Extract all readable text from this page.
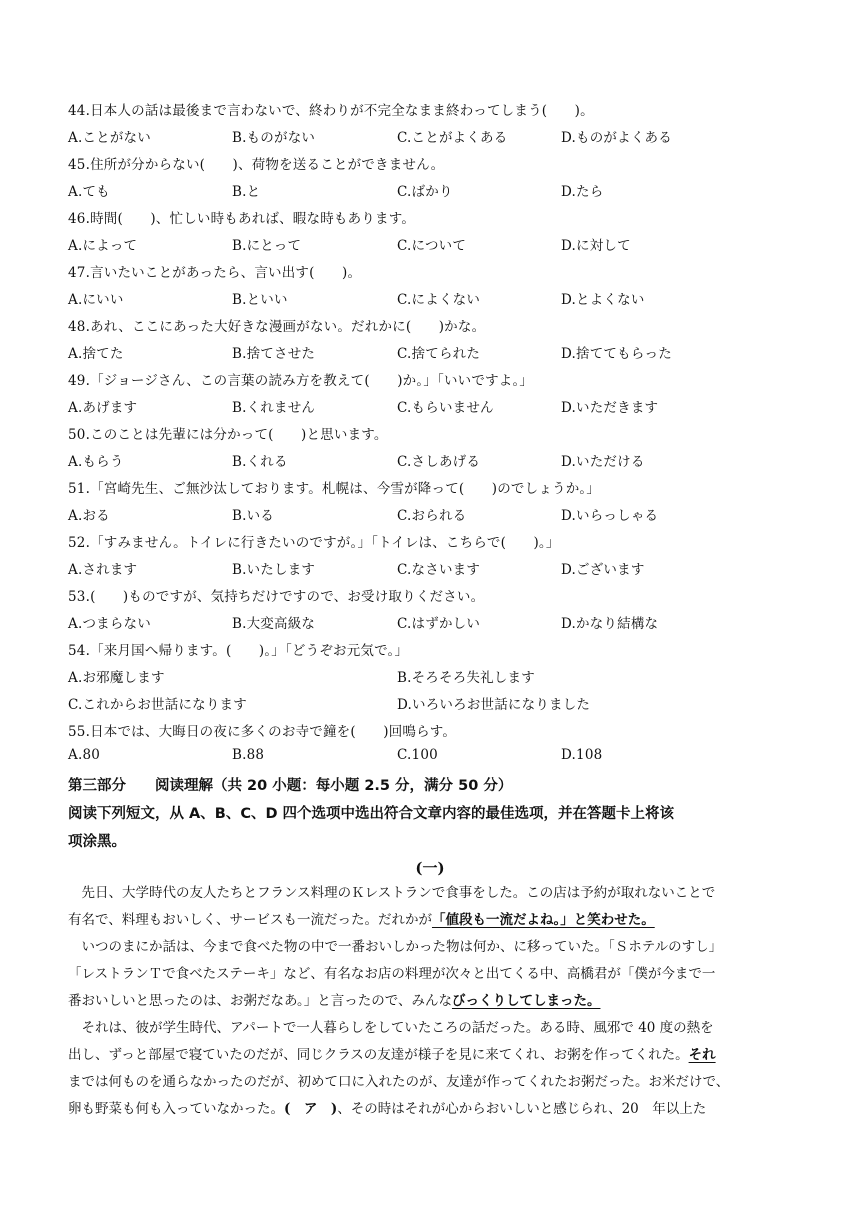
44.日本人の話は最後まで言わないで、終わりが不完全なまま終わってしまう(　　)。
A.ことがない	B.ものがない	C.ことがよくある	D.ものがよくある
45.住所が分からない(　　)、荷物を送ることができません。
A.ても	B.と	C.ばかり	D.たら
46.時間(　　)、忙しい時もあれば、暇な時もあります。
A.によって	B.にとって	C.について	D.に対して
47.言いたいことがあったら、言い出す(　　)。
A.にいい	B.といい	C.によくない	D.とよくない
48.あれ、ここにあった大好きな漫画がない。だれかに(　　)かな。
A.捨てた	B.捨てさせた	C.捨てられた	D.捨ててもらった
49.「ジョージさん、この言葉の読み方を教えて(　　)か。」「いいですよ。」
A.あげます	B.くれません	C.もらいません	D.いただきます
50.このことは先輩には分かって(　　)と思います。
A.もらう	B.くれる	C.さしあげる	D.いただける
51.「宮崎先生、ご無沙汰しております。札幌は、今雪が降って(　　)のでしょうか。」
A.おる	B.いる	C.おられる	D.いらっしゃる
52.「すみません。トイレに行きたいのですが。」「トイレは、こちらで(　　)。」
A.されます	B.いたします	C.なさいます	D.ございます
53.(　　)ものですが、気持ちだけですので、お受け取りください。
A.つまらない	B.大変高級な	C.はずかしい	D.かなり結構な
54.「来月国へ帰ります。(　　)。」「どうぞお元気で。」
A.お邪魔します	B.そろそろ失礼します
C.これからお世話になります	D.いろいろお世話になりました
55.日本では、大晦日の夜に多くのお寺で鐘を(　　)回鳴らす。
A.80	B.88	C.100	D.108
第三部分　　阅读理解（共 20 小题：每小题 2.5 分，满分 50 分）
阅读下列短文，从 A、B、C、D 四个选项中选出符合文章内容的最佳选项，并在答题卡上将该
项涂黑。
(一)
　先日、大学時代の友人たちとフランス料理のＫレストランで食事をした。この店は予約が取れないことで
有名で、料理もおいしく、サービスも一流だった。だれかが「値段も一流だよね。」と笑わせた。
　いつのまにか話は、今まで食べた物の中で一番おいしかった物は何か、に移っていた。「Ｓホテルのすし」
「レストランＴで食べたステーキ」など、有名なお店の料理が次々と出てくる中、高橋君が「僕が今まで一
番おいしいと思ったのは、お粥だなあ。」と言ったので、みんなびっくりしてしまった。
　それは、彼が学生時代、アパートで一人暮らしをしていたころの話だった。ある時、風邪で 40 度の熱を
出し、ずっと部屋で寝ていたのだが、同じクラスの友達が様子を見に来てくれ、お粥を作ってくれた。それ
までは何ものを通らなかったのだが、初めて口に入れたのが、友達が作ってくれたお粥だった。お米だけで、
卵も野菜も何も入っていなかった。(　ア　)、その時はそれが心からおいしいと感じられ、20　年以上た
